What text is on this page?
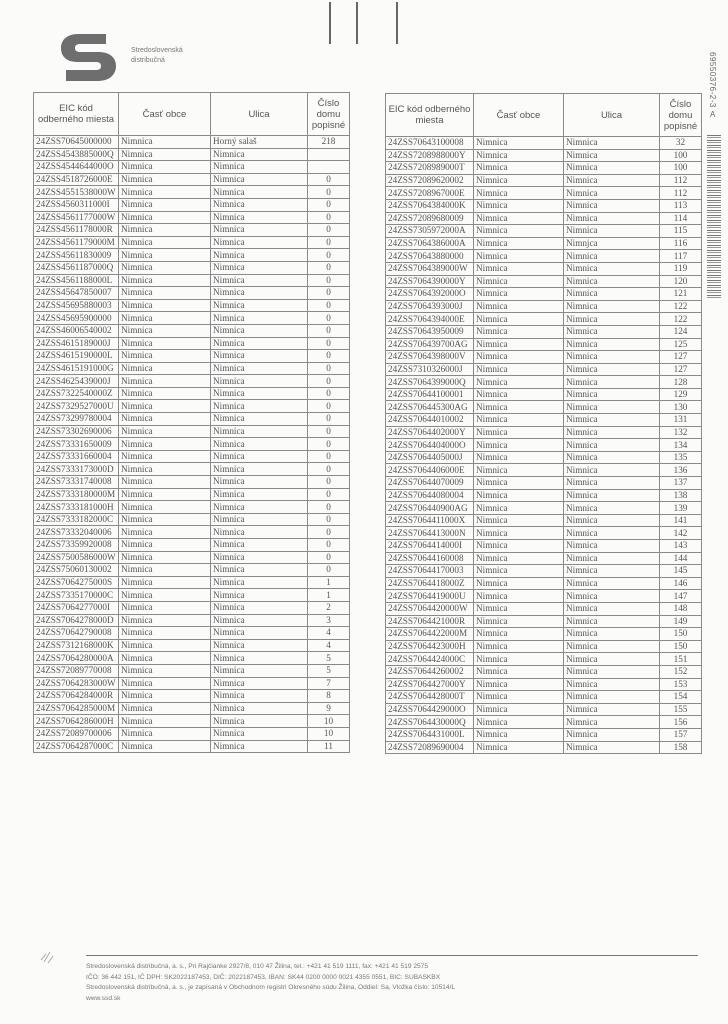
Stredoslovenská
distribučná	69550376-2-3
A
EIC kód odberného miesta	Časť obce	Ulica	Číslo domu popisné
24ZSS70645000000	Nimnica	Horný salaš	218
24ZSS4543885000Q	Nimnica	Nimnica	
24ZSS4544644000O	Nimnica	Nimnica	
24ZSS4518726000E	Nimnica	Nimnica	0
24ZSS4551538000W	Nimnica	Nimnica	0
24ZSS4560311000I	Nimnica	Nimnica	0
24ZSS4561177000W	Nimnica	Nimnica	0
24ZSS4561178000R	Nimnica	Nimnica	0
24ZSS4561179000M	Nimnica	Nimnica	0
24ZSS45611830009	Nimnica	Nimnica	0
24ZSS4561187000Q	Nimnica	Nimnica	0
24ZSS4561188000L	Nimnica	Nimnica	0
24ZSS45647850007	Nimnica	Nimnica	0
24ZSS45695880003	Nimnica	Nimnica	0
24ZSS45695900000	Nimnica	Nimnica	0
24ZSS46006540002	Nimnica	Nimnica	0
24ZSS4615189000J	Nimnica	Nimnica	0
24ZSS4615190000L	Nimnica	Nimnica	0
24ZSS4615191000G	Nimnica	Nimnica	0
24ZSS4625439000J	Nimnica	Nimnica	0
24ZSS7322540000Z	Nimnica	Nimnica	0
24ZSS7329527000U	Nimnica	Nimnica	0
24ZSS73299780004	Nimnica	Nimnica	0
24ZSS73302690006	Nimnica	Nimnica	0
24ZSS73331650009	Nimnica	Nimnica	0
24ZSS73331660004	Nimnica	Nimnica	0
24ZSS7333173000D	Nimnica	Nimnica	0
24ZSS73331740008	Nimnica	Nimnica	0
24ZSS7333180000M	Nimnica	Nimnica	0
24ZSS7333181000H	Nimnica	Nimnica	0
24ZSS7333182000C	Nimnica	Nimnica	0
24ZSS73332040006	Nimnica	Nimnica	0
24ZSS73359920008	Nimnica	Nimnica	0
24ZSS7500586000W	Nimnica	Nimnica	0
24ZSS75060130002	Nimnica	Nimnica	0
24ZSS7064275000S	Nimnica	Nimnica	1
24ZSS7335170000C	Nimnica	Nimnica	1
24ZSS7064277000I	Nimnica	Nimnica	2
24ZSS7064278000D	Nimnica	Nimnica	3
24ZSS70642790008	Nimnica	Nimnica	4
24ZSS7312168000K	Nimnica	Nimnica	4
24ZSS7064280000A	Nimnica	Nimnica	5
24ZSS72089770008	Nimnica	Nimnica	5
24ZSS7064283000W	Nimnica	Nimnica	7
24ZSS7064284000R	Nimnica	Nimnica	8
24ZSS7064285000M	Nimnica	Nimnica	9
24ZSS7064286000H	Nimnica	Nimnica	10
24ZSS72089700006	Nimnica	Nimnica	10
24ZSS7064287000C	Nimnica	Nimnica	11
EIC kód odberného miesta	Časť obce	Ulica	Číslo domu popisné
24ZSS70643100008	Nimnica	Nimnica	32
24ZSS7208988000Y	Nimnica	Nimnica	100
24ZSS7208989000T	Nimnica	Nimnica	100
24ZSS72089620002	Nimnica	Nimnica	112
24ZSS7208967000E	Nimnica	Nimnica	112
24ZSS7064384000K	Nimnica	Nimnica	113
24ZSS72089680009	Nimnica	Nimnica	114
24ZSS7305972000A	Nimnica	Nimnica	115
24ZSS7064386000A	Nimnica	Nimnjca	116
24ZSS70643880000	Nimnica	Nimnica	117
24ZSS7064389000W	Nimnica	Nimnica	119
24ZSS7064390000Y	Nimnica	Nimnica	120
24ZSS7064392000O	Nimnica	Nimnica	121
24ZSS7064393000J	Nimnica	Nimnica	122
24ZSS7064394000E	Nimnica	Nimnica	122
24ZSS70643950009	Nimnica	Nimnica	124
24ZSS706439700AG	Nimnica	Nimnica	125
24ZSS7064398000V	Nimnica	Nimnica	127
24ZSS7310326000J	Nimnica	Nimnica	127
24ZSS7064399000Q	Nimnica	Nimnica	128
24ZSS70644100001	Nimnica	Nimnica	129
24ZSS706445300AG	Nimnica	Nimnica	130
24ZSS70644010002	Nimnica	Nimnica	131
24ZSS7064402000Y	Nimnica	Nimnica	132
24ZSS7064404000O	Nimnica	Nimnica	134
24ZSS7064405000J	Nimnica	Nimnica	135
24ZSS7064406000E	Nimnica	Nimnica	136
24ZSS70644070009	Nimnica	Nimnica	137
24ZSS70644080004	Nimnica	Nimnica	138
24ZSS706440900AG	Nimnica	Nimnica	139
24ZSS7064411000X	Nimnica	Nimnica	141
24ZSS7064413000N	Nimnica	Nimnica	142
24ZSS7064414000I	Nimnica	Nimnica	143
24ZSS70644160008	Nimnica	Nimnica	144
24ZSS70644170003	Nimnica	Nimnica	145
24ZSS7064418000Z	Nimnica	Nimnica	146
24ZSS7064419000U	Nimnica	Nimnica	147
24ZSS7064420000W	Nimnica	Nimnica	148
24ZSS7064421000R	Nimnica	Nimnica	149
24ZSS7064422000M	Nimnica	Nimnica	150
24ZSS7064423000H	Nimnica	Nimnica	150
24ZSS7064424000C	Nimnica	Nimnica	151
24ZSS70644260002	Nimnica	Nimnica	152
24ZSS7064427000Y	Nimnica	Nimnica	153
24ZSS7064428000T	Nimnica	Nimnica	154
24ZSS7064429000O	Nimnica	Nimnica	155
24ZSS7064430000Q	Nimnica	Nimnica	156
24ZSS7064431000L	Nimnica	Nimnica	157
24ZSS72089690004	Nimnica	Nimnica	158
Stredoslovenská distribučná, a. s., Pri Rajčianke 2927/8, 010 47 Žilina, tel.: +421 41 519 1111, fax: +421 41 519 2575
IČO: 36 442 151, IČ DPH: SK2022187453, DIČ: 2022187453, IBAN: SK44 0200 0000 0021 4355 0551, BIC: SUBASKBX
Stredoslovenská distribučná, a. s., je zapísaná v Obchodnom registri Okresného súdu Žilina, Oddiel: Sa, Vložka číslo: 10514/L
www.ssd.sk
